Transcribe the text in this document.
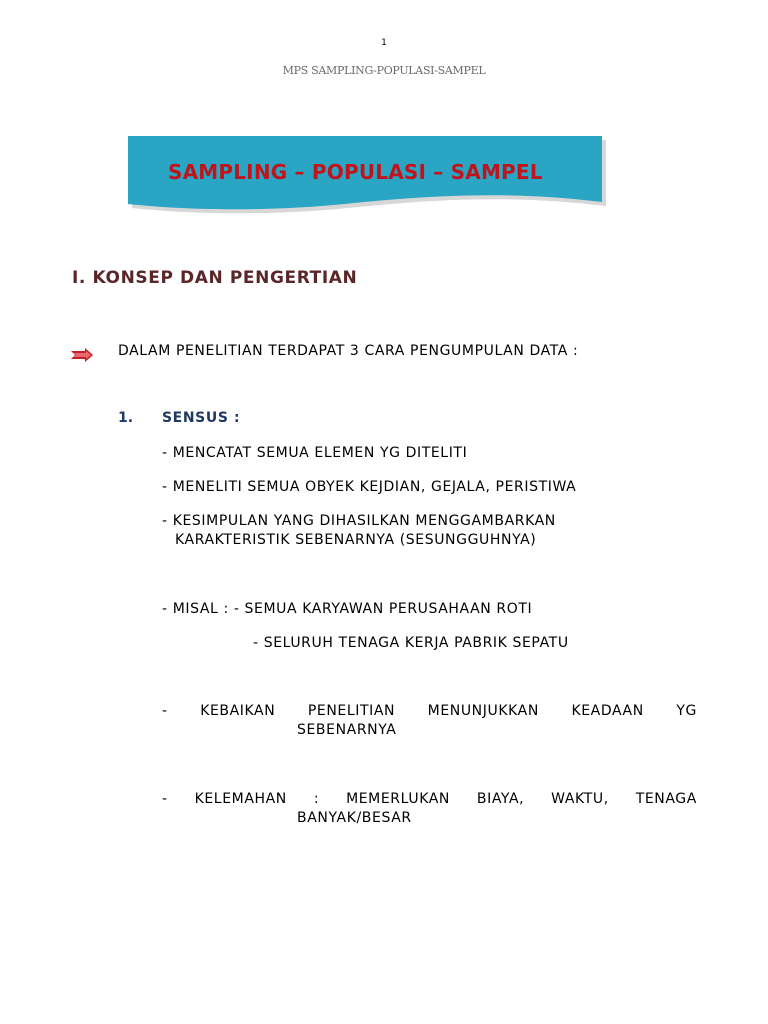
1
MPS SAMPLING-POPULASI-SAMPEL
SAMPLING – POPULASI – SAMPEL
I. KONSEP DAN PENGERTIAN
DALAM PENELITIAN TERDAPAT 3 CARA PENGUMPULAN DATA :
1. SENSUS :
- MENCATAT SEMUA ELEMEN YG DITELITI
- MENELITI SEMUA OBYEK KEJDIAN, GEJALA, PERISTIWA
- KESIMPULAN YANG DIHASILKAN MENGGAMBARKAN
KARAKTERISTIK SEBENARNYA (SESUNGGUHNYA)
- MISAL : - SEMUA KARYAWAN PERUSAHAAN ROTI
- SELURUH TENAGA KERJA PABRIK SEPATU
- KEBAIKAN PENELITIAN MENUNJUKKAN KEADAAN YG
SEBENARNYA
- KELEMAHAN : MEMERLUKAN BIAYA, WAKTU, TENAGA
BANYAK/BESAR
